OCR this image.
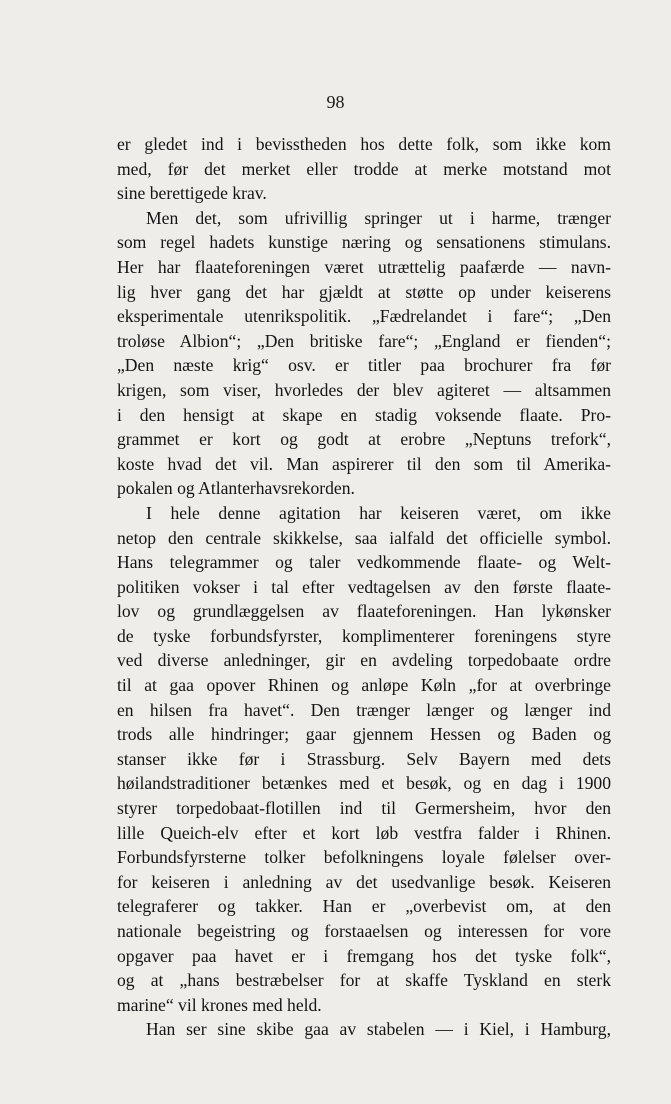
98
er gledet ind i bevisstheden hos dette folk, som ikke kom
med, før det merket eller trodde at merke motstand mot
sine berettigede krav.
Men det, som ufrivillig springer ut i harme, trænger
som regel hadets kunstige næring og sensationens stimulans.
Her har flaateforeningen været utrættelig paafærde — navn-
lig hver gang det har gjældt at støtte op under keiserens
eksperimentale utenrikspolitik. „Fædrelandet i fare“; „Den
troløse Albion“; „Den britiske fare“; „England er fienden“;
„Den næste krig“ osv. er titler paa brochurer fra før
krigen, som viser, hvorledes der blev agiteret — altsammen
i den hensigt at skape en stadig voksende flaate. Pro-
grammet er kort og godt at erobre „Neptuns trefork“,
koste hvad det vil. Man aspirerer til den som til Amerika-
pokalen og Atlanterhavsrekorden.
I hele denne agitation har keiseren været, om ikke
netop den centrale skikkelse, saa ialfald det officielle symbol.
Hans telegrammer og taler vedkommende flaate- og Welt-
politiken vokser i tal efter vedtagelsen av den første flaate-
lov og grundlæggelsen av flaateforeningen. Han lykønsker
de tyske forbundsfyrster, komplimenterer foreningens styre
ved diverse anledninger, gir en avdeling torpedobaate ordre
til at gaa opover Rhinen og anløpe Køln „for at overbringe
en hilsen fra havet“. Den trænger længer og længer ind
trods alle hindringer; gaar gjennem Hessen og Baden og
stanser ikke før i Strassburg. Selv Bayern med dets
høilandstraditioner betænkes med et besøk, og en dag i 1900
styrer torpedobaat-flotillen ind til Germersheim, hvor den
lille Queich-elv efter et kort løb vestfra falder i Rhinen.
Forbundsfyrsterne tolker befolkningens loyale følelser over-
for keiseren i anledning av det usedvanlige besøk. Keiseren
telegraferer og takker. Han er „overbevist om, at den
nationale begeistring og forstaaelsen og interessen for vore
opgaver paa havet er i fremgang hos det tyske folk“,
og at „hans bestræbelser for at skaffe Tyskland en sterk
marine“ vil krones med held.
Han ser sine skibe gaa av stabelen — i Kiel, i Hamburg,
